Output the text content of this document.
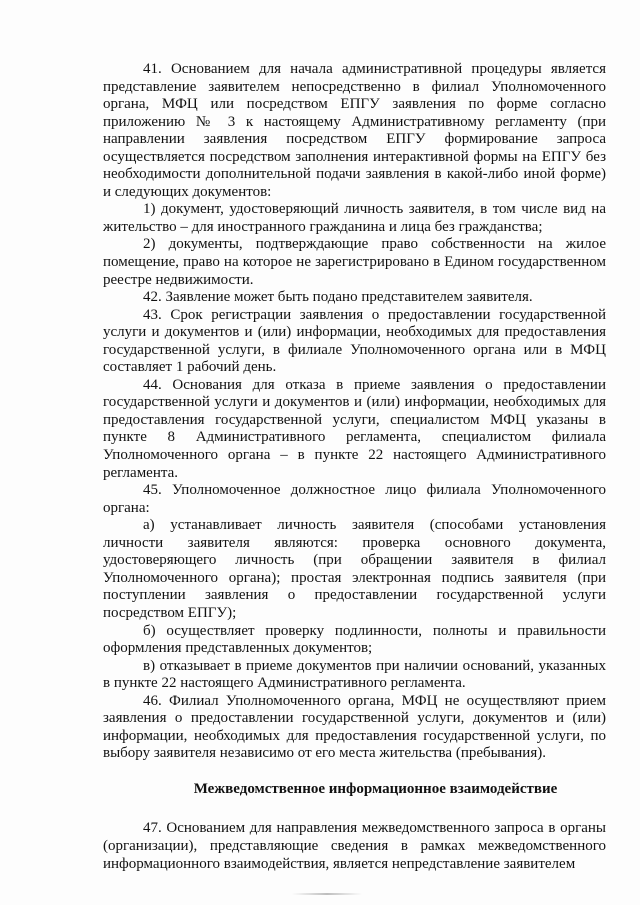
41. Основанием для начала административной процедуры является представление заявителем непосредственно в филиал Уполномоченного органа, МФЦ или посредством ЕПГУ заявления по форме согласно приложению № 3 к настоящему Административному регламенту (при направлении заявления посредством ЕПГУ формирование запроса осуществляется посредством заполнения интерактивной формы на ЕПГУ без необходимости дополнительной подачи заявления в какой-либо иной форме) и следующих документов:

1) документ, удостоверяющий личность заявителя, в том числе вид на жительство – для иностранного гражданина и лица без гражданства;

2) документы, подтверждающие право собственности на жилое помещение, право на которое не зарегистрировано в Едином государственном реестре недвижимости.

42. Заявление может быть подано представителем заявителя.

43. Срок регистрации заявления о предоставлении государственной услуги и документов и (или) информации, необходимых для предоставления государственной услуги, в филиале Уполномоченного органа или в МФЦ составляет 1 рабочий день.

44. Основания для отказа в приеме заявления о предоставлении государственной услуги и документов и (или) информации, необходимых для предоставления государственной услуги, специалистом МФЦ указаны в пункте 8 Административного регламента, специалистом филиала Уполномоченного органа – в пункте 22 настоящего Административного регламента.

45. Уполномоченное должностное лицо филиала Уполномоченного органа:

а) устанавливает личность заявителя (способами установления личности заявителя являются: проверка основного документа, удостоверяющего личность (при обращении заявителя в филиал Уполномоченного органа); простая электронная подпись заявителя (при поступлении заявления о предоставлении государственной услуги посредством ЕПГУ);

б) осуществляет проверку подлинности, полноты и правильности оформления представленных документов;

в) отказывает в приеме документов при наличии оснований, указанных в пункте 22 настоящего Административного регламента.

46. Филиал Уполномоченного органа, МФЦ не осуществляют прием заявления о предоставлении государственной услуги, документов и (или) информации, необходимых для предоставления государственной услуги, по выбору заявителя независимо от его места жительства (пребывания).

Межведомственное информационное взаимодействие

47. Основанием для направления межведомственного запроса в органы (организации), представляющие сведения в рамках межведомственного информационного взаимодействия, является непредставление заявителем
